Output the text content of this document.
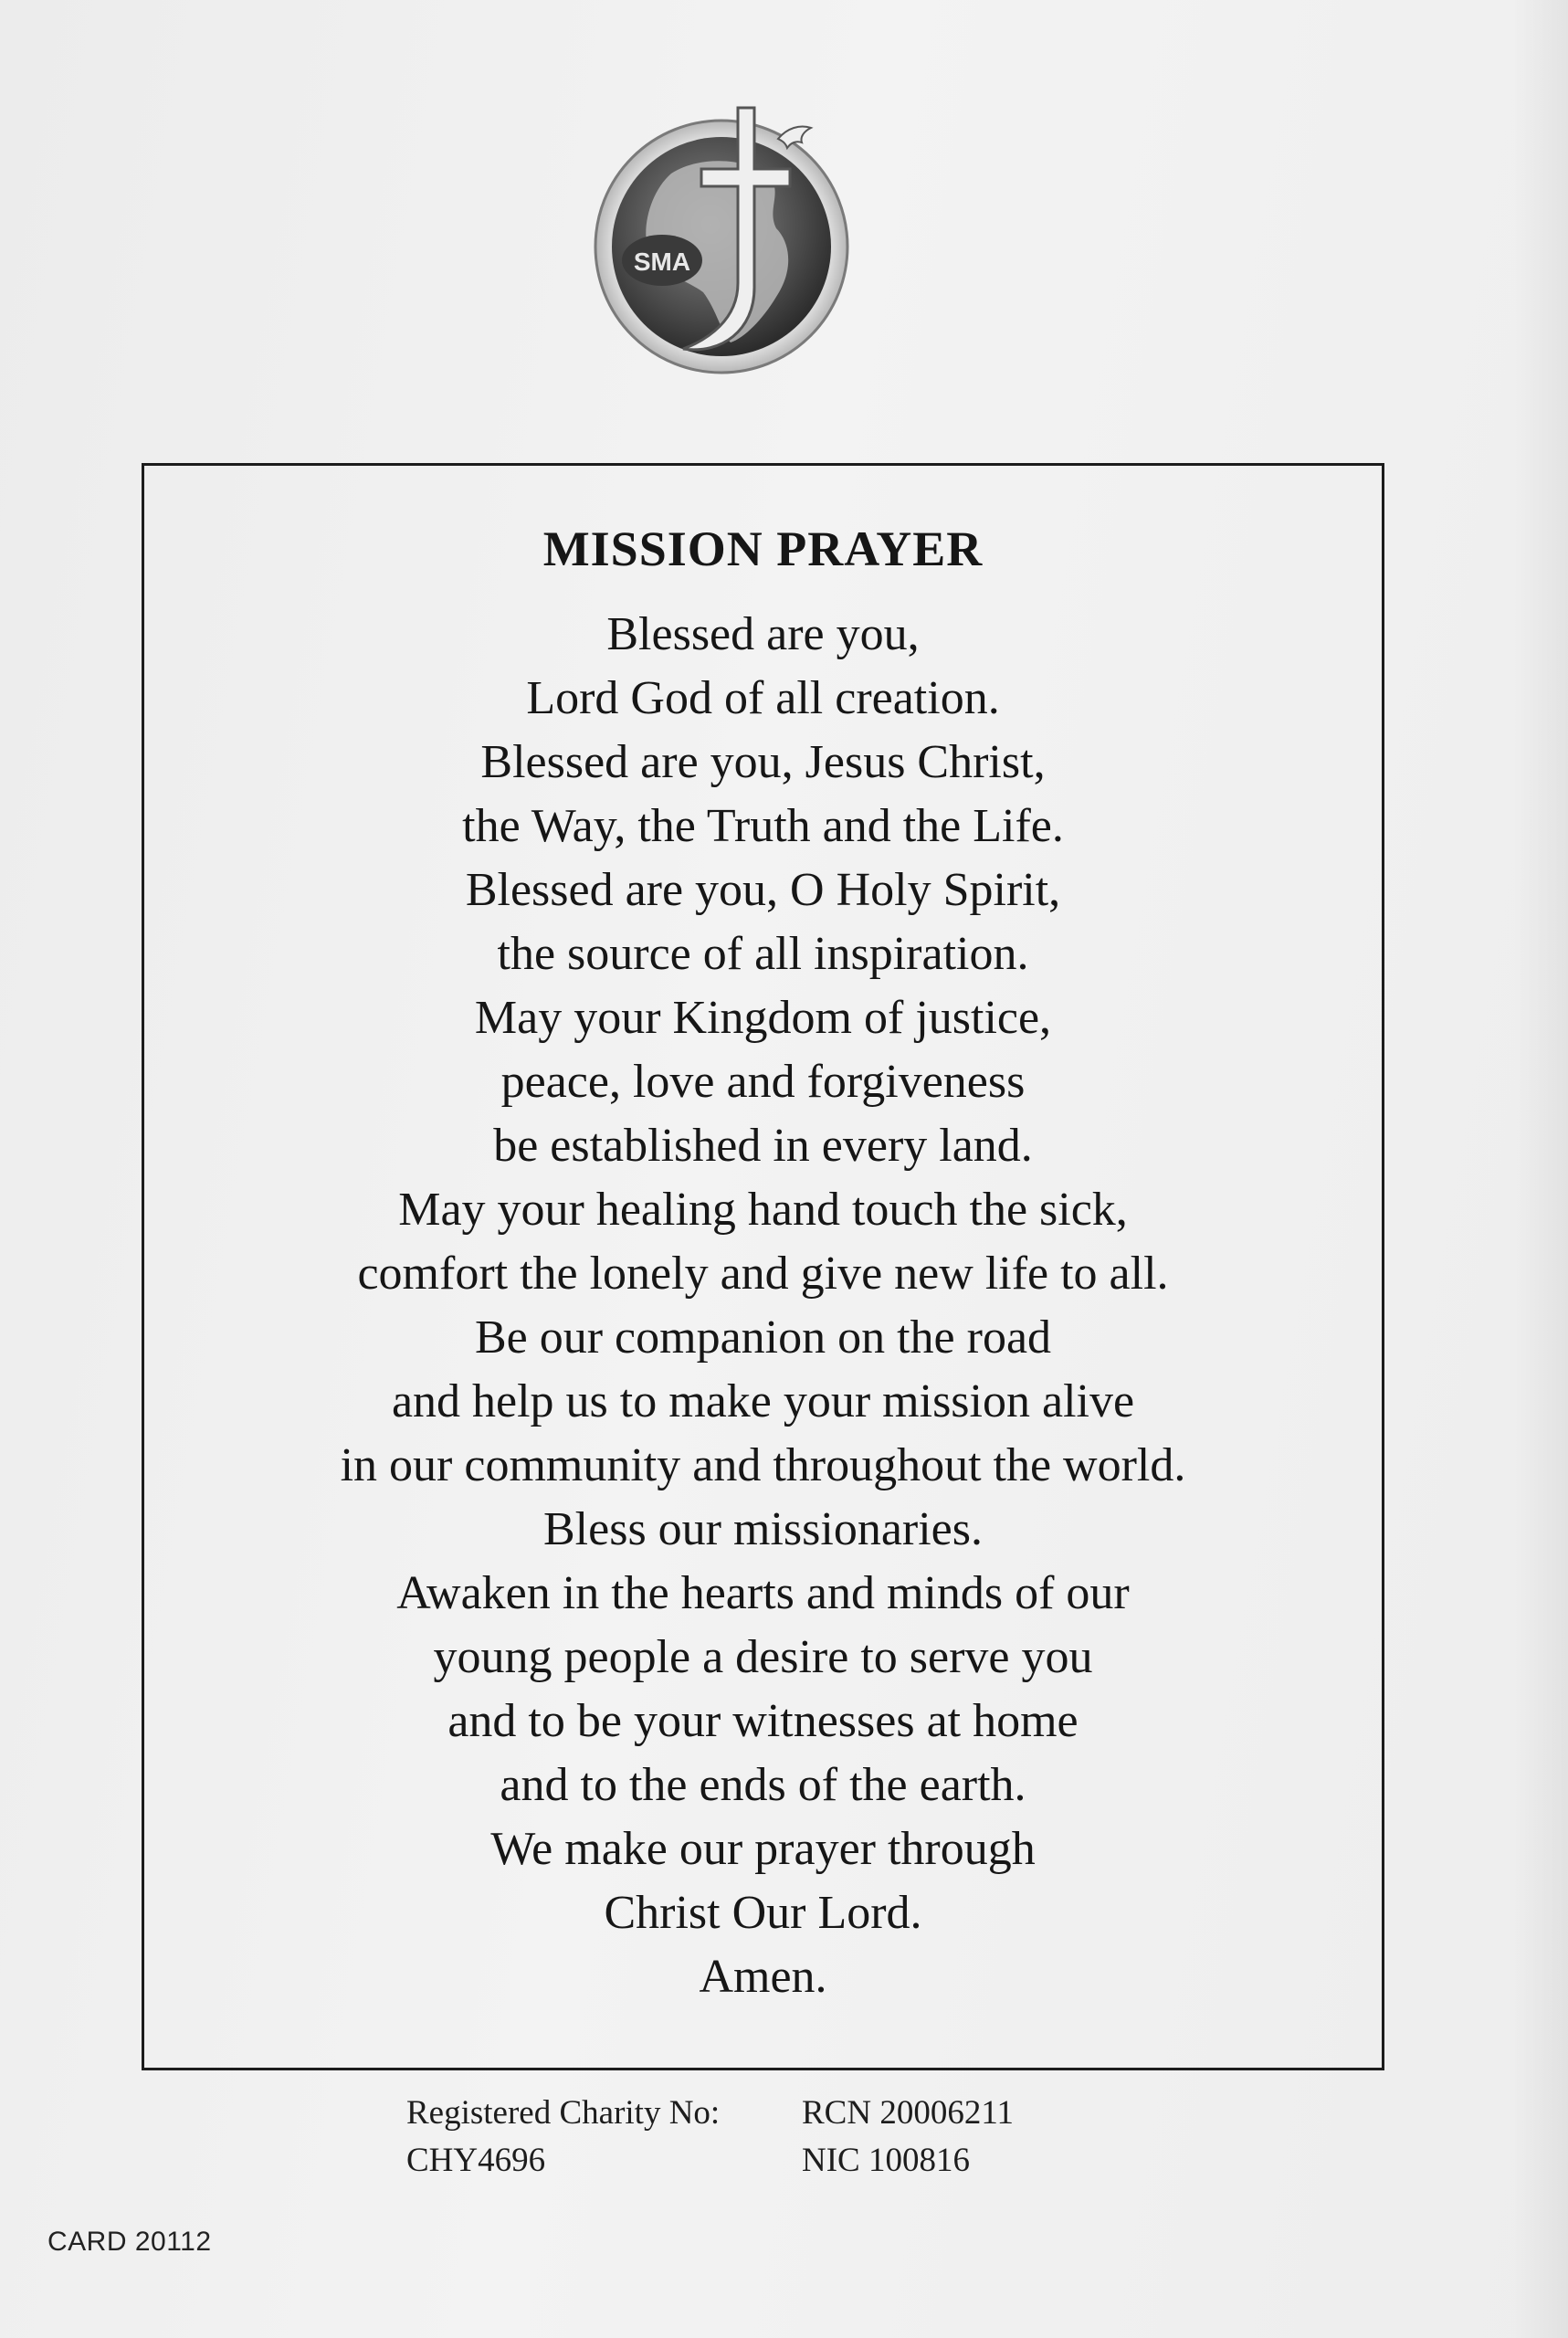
SMA
MISSION PRAYER
Blessed are you,
Lord God of all creation.
Blessed are you, Jesus Christ,
the Way, the Truth and the Life.
Blessed are you, O Holy Spirit,
the source of all inspiration.
May your Kingdom of justice,
peace, love and forgiveness
be established in every land.
May your healing hand touch the sick,
comfort the lonely and give new life to all.
Be our companion on the road
and help us to make your mission alive
in our community and throughout the world.
Bless our missionaries.
Awaken in the hearts and minds of our
young people a desire to serve you
and to be your witnesses at home
and to the ends of the earth.
We make our prayer through
Christ Our Lord.
Amen.
Registered Charity No:	RCN 20006211
CHY4696	NIC 100816
CARD 20112
